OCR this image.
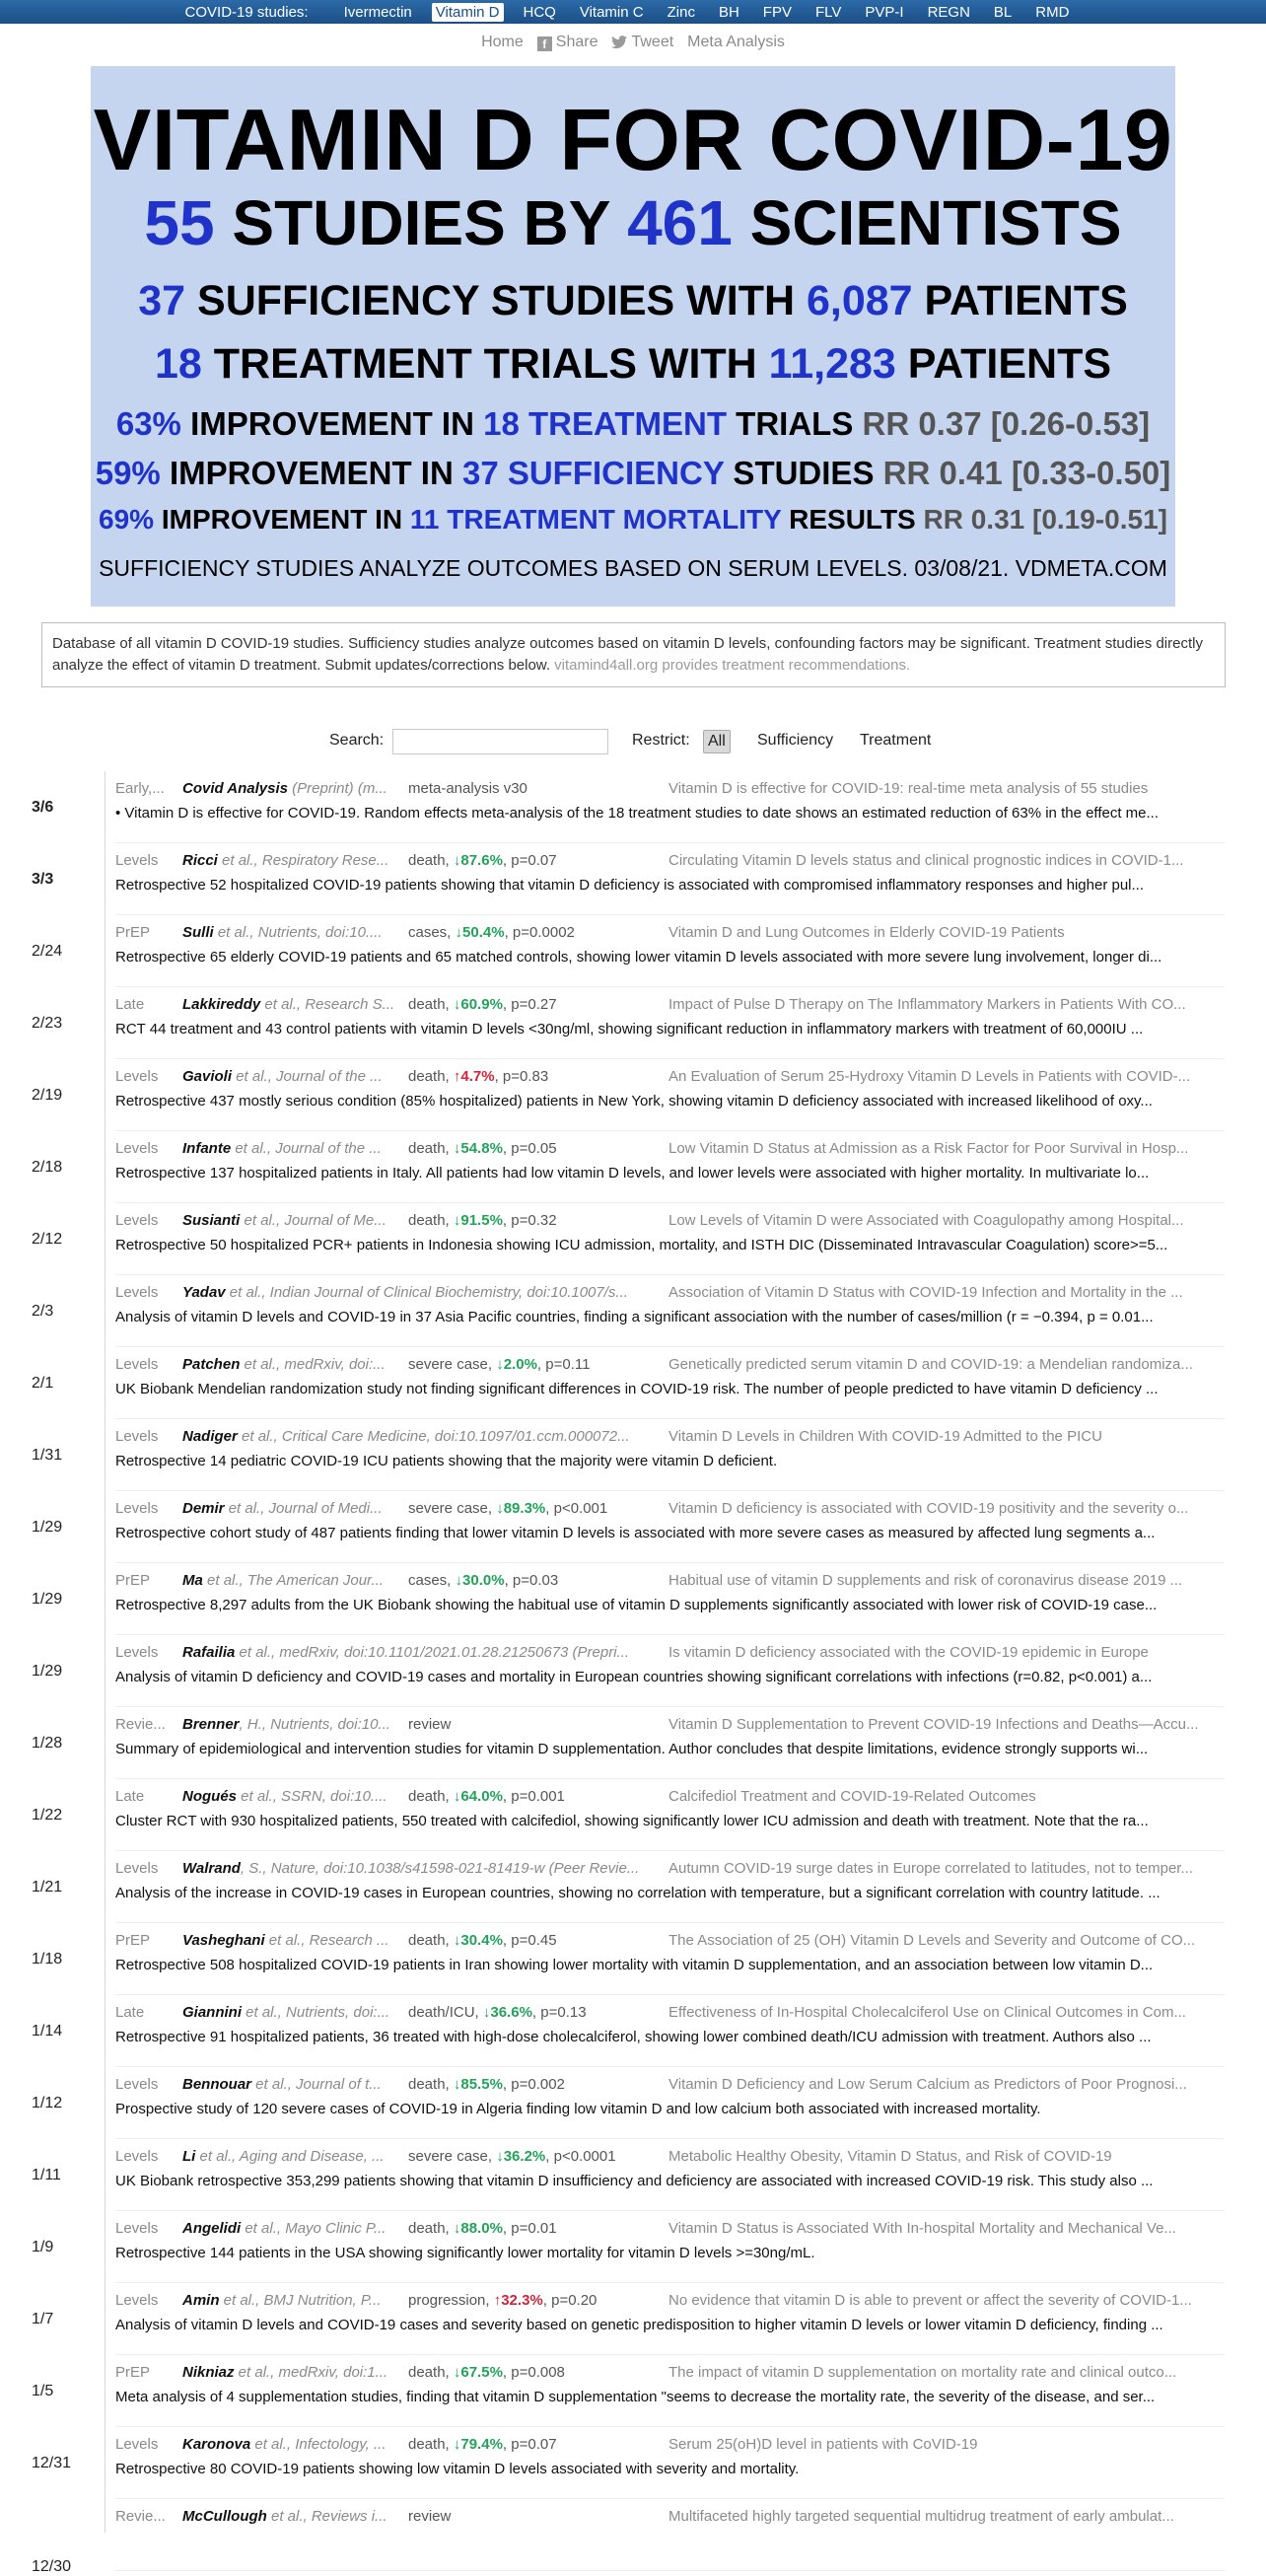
COVID-19 studies: Ivermectin Vitamin D HCQ Vitamin C Zinc BH FPV FLV PVP-I REGN BL RMD
Home	f Share	Tweet Meta Analysis
VITAMIN D FOR COVID-19
55 STUDIES BY 461 SCIENTISTS
37 SUFFICIENCY STUDIES WITH 6,087 PATIENTS
18 TREATMENT TRIALS WITH 11,283 PATIENTS
63% IMPROVEMENT IN 18 TREATMENT TRIALS RR 0.37 [0.26-0.53]
59% IMPROVEMENT IN 37 SUFFICIENCY STUDIES RR 0.41 [0.33-0.50]
69% IMPROVEMENT IN 11 TREATMENT MORTALITY RESULTS RR 0.31 [0.19-0.51]
SUFFICIENCY STUDIES ANALYZE OUTCOMES BASED ON SERUM LEVELS. 03/08/21. VDMETA.COM
Database of all vitamin D COVID-19 studies. Sufficiency studies analyze outcomes based on vitamin D levels, confounding factors may be significant. Treatment studies directly analyze the effect of vitamin D treatment. Submit updates/corrections below. vitamind4all.org provides treatment recommendations.
Search:	Restrict:	All	Sufficiency Treatment
3/6
Early,...	Covid Analysis (Preprint) (m... meta-analysis v30	Vitamin D is effective for COVID-19: real-time meta analysis of 55 studies
• Vitamin D is effective for COVID-19. Random effects meta-analysis of the 18 treatment studies to date shows an estimated reduction of 63% in the effect me...
3/3
Levels	Ricci et al., Respiratory Rese... death, ↓87.6%, p=0.07	Circulating Vitamin D levels status and clinical prognostic indices in COVID-1...
Retrospective 52 hospitalized COVID-19 patients showing that vitamin D deficiency is associated with compromised inflammatory responses and higher pul...
2/24
PrEP	Sulli et al., Nutrients, doi:10....	cases, ↓50.4%, p=0.0002	Vitamin D and Lung Outcomes in Elderly COVID-19 Patients
Retrospective 65 elderly COVID-19 patients and 65 matched controls, showing lower vitamin D levels associated with more severe lung involvement, longer di...
2/23
Late	Lakkireddy et al., Research S... death, ↓60.9%, p=0.27	Impact of Pulse D Therapy on The Inflammatory Markers in Patients With CO...
RCT 44 treatment and 43 control patients with vitamin D levels <30ng/ml, showing significant reduction in inflammatory markers with treatment of 60,000IU ...
2/19
Levels	Gavioli et al., Journal of the ...	death, ↑4.7%, p=0.83	An Evaluation of Serum 25-Hydroxy Vitamin D Levels in Patients with COVID-...
Retrospective 437 mostly serious condition (85% hospitalized) patients in New York, showing vitamin D deficiency associated with increased likelihood of oxy...
2/18
Levels	Infante et al., Journal of the ...	death, ↓54.8%, p=0.05	Low Vitamin D Status at Admission as a Risk Factor for Poor Survival in Hosp...
Retrospective 137 hospitalized patients in Italy. All patients had low vitamin D levels, and lower levels were associated with higher mortality. In multivariate lo...
2/12
Levels	Susianti et al., Journal of Me... death, ↓91.5%, p=0.32	Low Levels of Vitamin D were Associated with Coagulopathy among Hospital...
Retrospective 50 hospitalized PCR+ patients in Indonesia showing ICU admission, mortality, and ISTH DIC (Disseminated Intravascular Coagulation) score>=5...
2/3
Levels	Yadav et al., Indian Journal of Clinical Biochemistry, doi:10.1007/s...	Association of Vitamin D Status with COVID-19 Infection and Mortality in the ...
Analysis of vitamin D levels and COVID-19 in 37 Asia Pacific countries, finding a significant association with the number of cases/million (r = −0.394, p = 0.01...
2/1
Levels	Patchen et al., medRxiv, doi:... severe case, ↓2.0%, p=0.11	Genetically predicted serum vitamin D and COVID-19: a Mendelian randomiza...
UK Biobank Mendelian randomization study not finding significant differences in COVID-19 risk. The number of people predicted to have vitamin D deficiency ...
1/31
Levels	Nadiger et al., Critical Care Medicine, doi:10.1097/01.ccm.000072...	Vitamin D Levels in Children With COVID-19 Admitted to the PICU
Retrospective 14 pediatric COVID-19 ICU patients showing that the majority were vitamin D deficient.
1/29
Levels	Demir et al., Journal of Medi...	severe case, ↓89.3%, p<0.001	Vitamin D deficiency is associated with COVID-19 positivity and the severity o...
Retrospective cohort study of 487 patients finding that lower vitamin D levels is associated with more severe cases as measured by affected lung segments a...
1/29
PrEP	Ma et al., The American Jour... cases, ↓30.0%, p=0.03	Habitual use of vitamin D supplements and risk of coronavirus disease 2019 ...
Retrospective 8,297 adults from the UK Biobank showing the habitual use of vitamin D supplements significantly associated with lower risk of COVID-19 case...
1/29
Levels	Rafailia et al., medRxiv, doi:10.1101/2021.01.28.21250673 (Prepri...	Is vitamin D deficiency associated with the COVID-19 epidemic in Europe
Analysis of vitamin D deficiency and COVID-19 cases and mortality in European countries showing significant correlations with infections (r=0.82, p<0.001) a...
1/28
Revie...	Brenner, H., Nutrients, doi:10... review	Vitamin D Supplementation to Prevent COVID-19 Infections and Deaths—Accu...
Summary of epidemiological and intervention studies for vitamin D supplementation. Author concludes that despite limitations, evidence strongly supports wi...
1/22
Late	Nogués et al., SSRN, doi:10.... death, ↓64.0%, p=0.001	Calcifediol Treatment and COVID-19-Related Outcomes
Cluster RCT with 930 hospitalized patients, 550 treated with calcifediol, showing significantly lower ICU admission and death with treatment. Note that the ra...
1/21
Levels	Walrand, S., Nature, doi:10.1038/s41598-021-81419-w (Peer Revie... Autumn COVID-19 surge dates in Europe correlated to latitudes, not to temper...
Analysis of the increase in COVID-19 cases in European countries, showing no correlation with temperature, but a significant correlation with country latitude. ...
1/18
PrEP	Vasheghani et al., Research ... death, ↓30.4%, p=0.45	The Association of 25 (OH) Vitamin D Levels and Severity and Outcome of CO...
Retrospective 508 hospitalized COVID-19 patients in Iran showing lower mortality with vitamin D supplementation, and an association between low vitamin D...
1/14
Late	Giannini et al., Nutrients, doi:... death/ICU, ↓36.6%, p=0.13	Effectiveness of In-Hospital Cholecalciferol Use on Clinical Outcomes in Com...
Retrospective 91 hospitalized patients, 36 treated with high-dose cholecalciferol, showing lower combined death/ICU admission with treatment. Authors also ...
1/12
Levels	Bennouar et al., Journal of t...	death, ↓85.5%, p=0.002	Vitamin D Deficiency and Low Serum Calcium as Predictors of Poor Prognosi...
Prospective study of 120 severe cases of COVID-19 in Algeria finding low vitamin D and low calcium both associated with increased mortality.
1/11
Levels	Li et al., Aging and Disease, ... severe case, ↓36.2%, p<0.0001	Metabolic Healthy Obesity, Vitamin D Status, and Risk of COVID-19
UK Biobank retrospective 353,299 patients showing that vitamin D insufficiency and deficiency are associated with increased COVID-19 risk. This study also ...
1/9
Levels	Angelidi et al., Mayo Clinic P... death, ↓88.0%, p=0.01	Vitamin D Status is Associated With In-hospital Mortality and Mechanical Ve...
Retrospective 144 patients in the USA showing significantly lower mortality for vitamin D levels >=30ng/mL.
1/7
Levels	Amin et al., BMJ Nutrition, P...	progression, ↑32.3%, p=0.20	No evidence that vitamin D is able to prevent or affect the severity of COVID-1...
Analysis of vitamin D levels and COVID-19 cases and severity based on genetic predisposition to higher vitamin D levels or lower vitamin D deficiency, finding ...
1/5
PrEP	Nikniaz et al., medRxiv, doi:1... death, ↓67.5%, p=0.008	The impact of vitamin D supplementation on mortality rate and clinical outco...
Meta analysis of 4 supplementation studies, finding that vitamin D supplementation "seems to decrease the mortality rate, the severity of the disease, and ser...
12/31
Levels	Karonova et al., Infectology, ... death, ↓79.4%, p=0.07	Serum 25(oH)D level in patients with CoVID-19
Retrospective 80 COVID-19 patients showing low vitamin D levels associated with severity and mortality.
12/30
Revie...	McCullough et al., Reviews i... review	Multifaceted highly targeted sequential multidrug treatment of early ambulat...
